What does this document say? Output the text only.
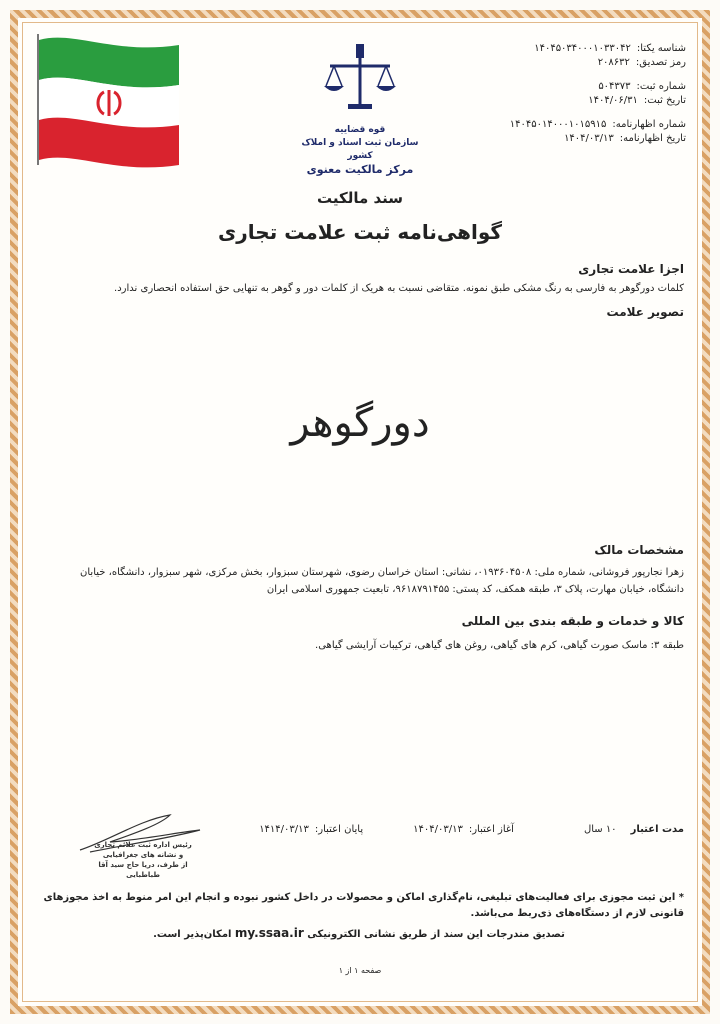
قوه قضاییه
سازمان ثبت اسناد و املاک کشور
مرکز مالکیت معنوی
شناسه یکتا:
۱۴۰۴۵۰۳۴۰۰۰۱۰۳۳۰۴۲
رمز تصدیق:
۲۰۸۶۳۲
شماره ثبت:
۵۰۴۳۷۳
تاریخ ثبت:
۱۴۰۴/۰۶/۳۱
شماره اظهارنامه:
۱۴۰۴۵۰۱۴۰۰۰۱۰۱۵۹۱۵
تاریخ اظهارنامه:
۱۴۰۴/۰۳/۱۳
سند مالکیت
گواهی‌نامه ثبت علامت تجاری
اجزا علامت تجاری
کلمات دورگوهر به فارسی به رنگ مشکی طبق نمونه. متقاضی نسبت به هریک از کلمات دور و گوهر به تنهایی حق استفاده انحصاری ندارد.
تصویر علامت
دورگوهر
مشخصات مالک
زهرا نجارپور فروشانی، شماره ملی: ۰۱۹۳۶۰۴۵۰۸، نشانی: استان خراسان رضوی، شهرستان سبزوار، بخش مرکزی، شهر سبزوار، دانشگاه، خیابان دانشگاه، خیابان مهارت، پلاک ۳، طبقه همکف، کد پستی: ۹۶۱۸۷۹۱۴۵۵، تابعیت جمهوری اسلامی ایران
کالا و خدمات و طبقه بندی بین المللی
طبقه ۳: ماسک صورت گیاهی، کرم های گیاهی، روغن های گیاهی، ترکیبات آرایشی گیاهی.
مدت اعتبار
۱۰ سال
آغاز اعتبار:
۱۴۰۴/۰۳/۱۳
پایان اعتبار:
۱۴۱۴/۰۳/۱۳
رئیس اداره ثبت علائم تجاری
و نشانه های جغرافیایی
از طرف، دریا حاج سید آقا طباطبایی
* این ثبت مجوزی برای فعالیت‌های تبلیغی، نام‌گذاری اماکن و محصولات در داخل کشور نبوده و انجام این امر منوط به اخذ مجوزهای قانونی لازم از دستگاه‌های ذی‌ربط می‌باشد.
تصدیق مندرجات این سند از طریق نشانی الکترونیکی my.ssaa.ir امکان‌پذیر است.
صفحه ۱ از ۱
